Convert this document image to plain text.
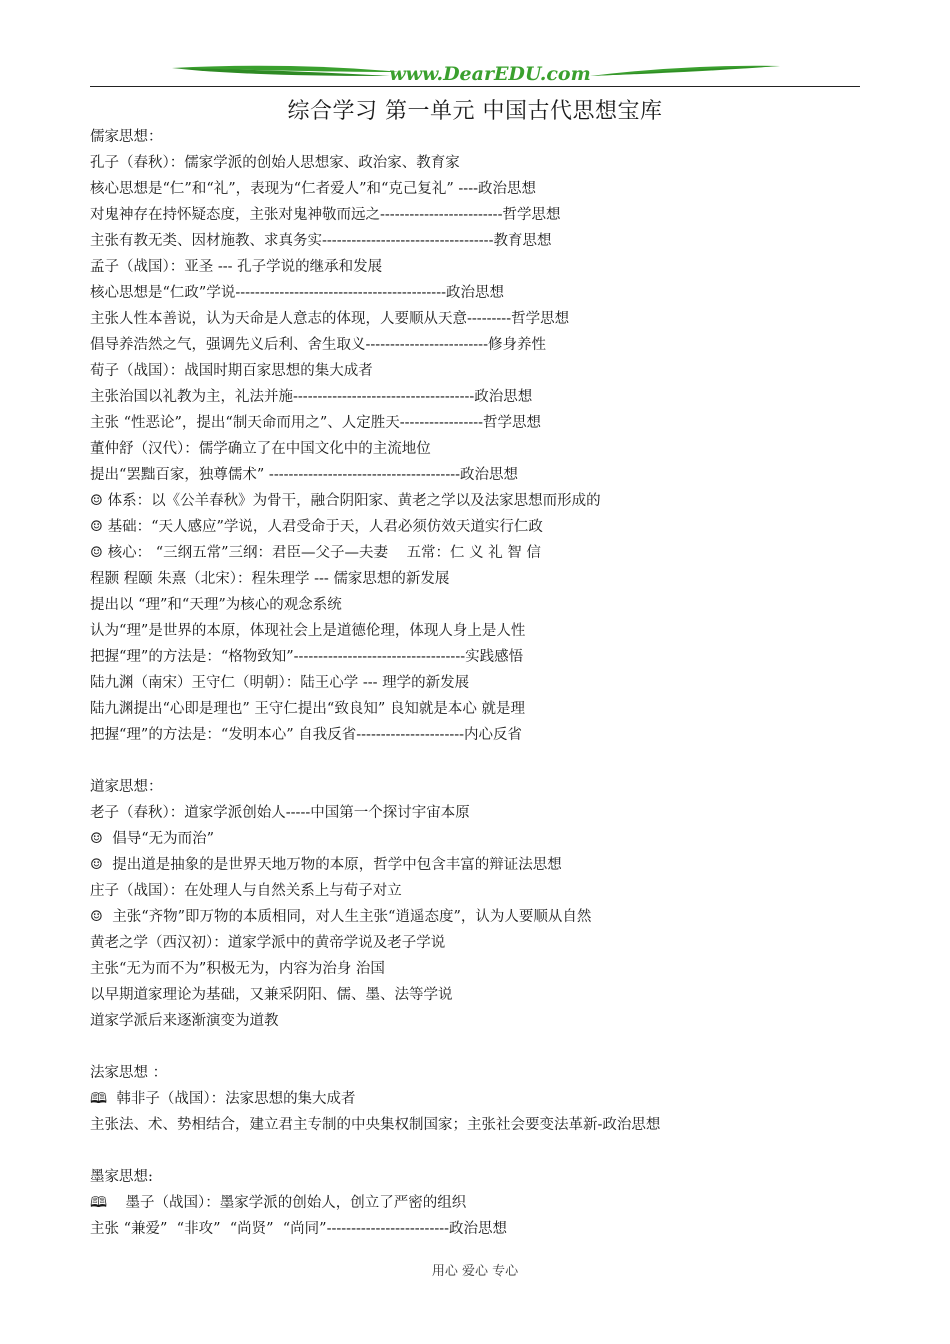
www.DearEDU.com
综合学习 第一单元 中国古代思想宝库
儒家思想：
孔子（春秋）：儒家学派的创始人思想家、政治家、教育家
核心思想是“仁”和“礼”，表现为“仁者爱人”和“克己复礼” ----政治思想
对鬼神存在持怀疑态度，主张对鬼神敬而远之-------------------------哲学思想
主张有教无类、因材施教、求真务实-----------------------------------教育思想
孟子（战国）：亚圣 --- 孔子学说的继承和发展
核心思想是“仁政”学说-------------------------------------------政治思想
主张人性本善说，认为天命是人意志的体现，人要顺从天意---------哲学思想
倡导养浩然之气，强调先义后利、舍生取义-------------------------修身养性
荀子（战国）：战国时期百家思想的集大成者
主张治国以礼教为主，礼法并施-------------------------------------政治思想
主张 “性恶论”，提出“制天命而用之”、人定胜天-----------------哲学思想
董仲舒（汉代）：儒学确立了在中国文化中的主流地位
提出“罢黜百家，独尊儒术” ---------------------------------------政治思想
☺ 体系：以《公羊春秋》为骨干，融合阴阳家、黄老之学以及法家思想而形成的
☺ 基础：“天人感应”学说，人君受命于天，人君必须仿效天道实行仁政
☺ 核心： “三纲五常”三纲：君臣—父子—夫妻    五常：仁 义 礼 智 信
程颢 程颐 朱熹（北宋）：程朱理学 --- 儒家思想的新发展
提出以 “理”和“天理”为核心的观念系统
认为“理”是世界的本原，体现社会上是道德伦理，体现人身上是人性
把握“理”的方法是：“格物致知”-----------------------------------实践感悟
陆九渊（南宋）王守仁（明朝）：陆王心学 --- 理学的新发展
陆九渊提出“心即是理也” 王守仁提出“致良知” 良知就是本心 就是理
把握“理”的方法是：“发明本心” 自我反省----------------------内心反省
道家思想：
老子（春秋）：道家学派创始人-----中国第一个探讨宇宙本原
☺  倡导“无为而治”
☺  提出道是抽象的是世界天地万物的本原，哲学中包含丰富的辩证法思想
庄子（战国）：在处理人与自然关系上与荀子对立
☺  主张“齐物”即万物的本质相同，对人生主张“逍遥态度”，认为人要顺从自然
黄老之学（西汉初）：道家学派中的黄帝学说及老子学说
主张“无为而不为”积极无为，内容为治身 治国
以早期道家理论为基础，又兼采阴阳、儒、墨、法等学说
道家学派后来逐渐演变为道教
法家思想 ：
🕮  韩非子（战国）：法家思想的集大成者
主张法、术、势相结合，建立君主专制的中央集权制国家；主张社会要变法革新-政治思想
墨家思想:
🕮    墨子（战国）：墨家学派的创始人，创立了严密的组织
主张 “兼爱”  “非攻”  “尚贤”  “尚同”-------------------------政治思想
用心 爱心 专心
